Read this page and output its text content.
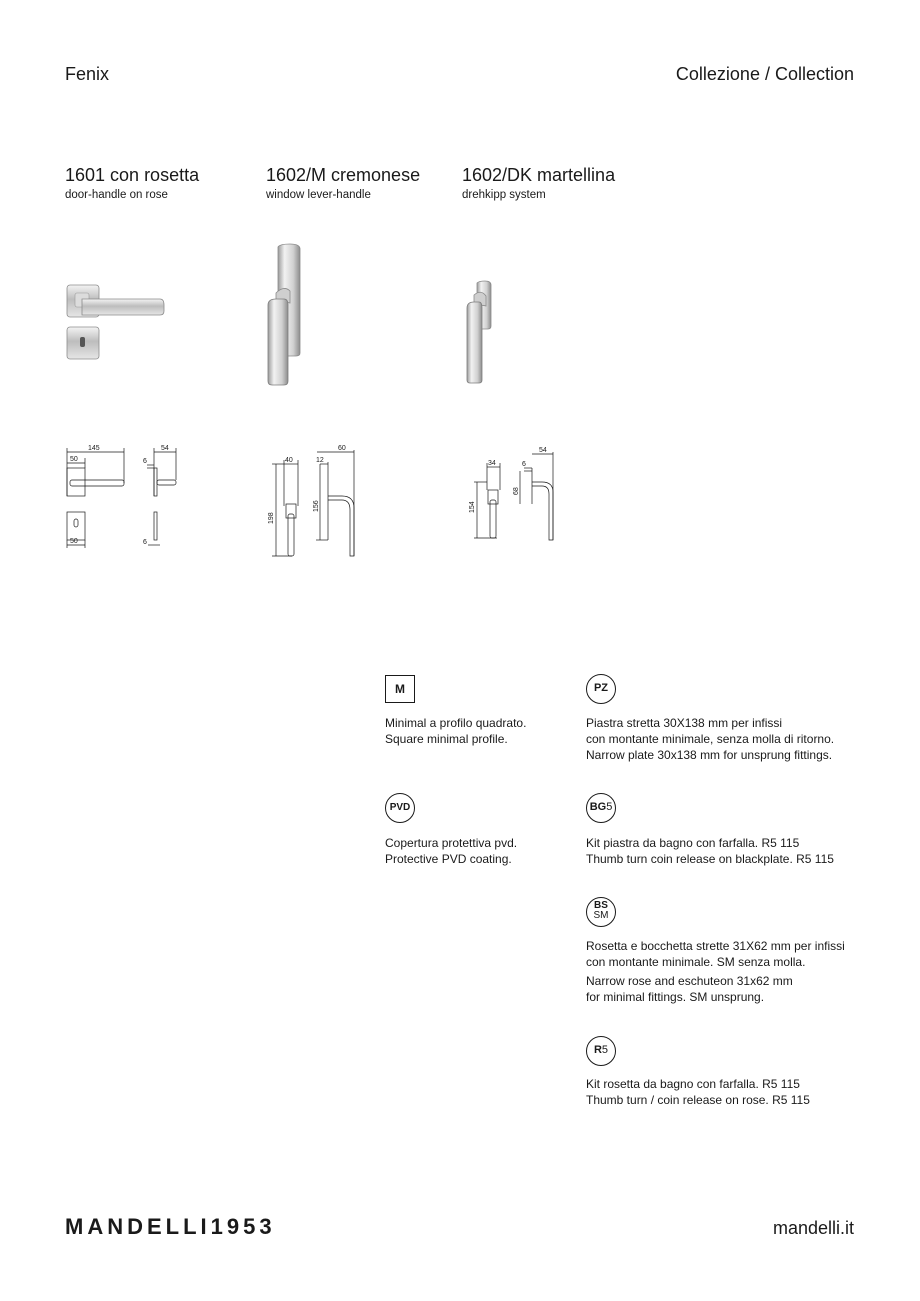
Fenix	Collezione / Collection
1601 con rosetta
door-handle on rose
1602/M cremonese
window lever-handle
1602/DK martellina
drehkipp system
145
50
54
6
50	6
40
198
156
12
60
34
154
6
54
68
M

Minimal a profilo quadrato.

Square minimal profile.

PZ

Piastra stretta 30X138 mm per infissi

con montante minimale, senza molla di ritorno.

Narrow plate 30x138 mm for unsprung fittings.

PVD

Copertura protettiva pvd.

Protective PVD coating.

BG5

Kit piastra da bagno con farfalla. R5 115

Thumb turn coin release on blackplate. R5 115

BS
SM

Rosetta e bocchetta strette 31X62 mm per infissi

con montante minimale. SM senza molla.

Narrow rose and eschuteon 31x62 mm

for minimal fittings. SM unsprung.

R5

Kit rosetta da bagno con farfalla. R5 115

Thumb turn / coin release on rose. R5 115

MANDELLI1953	mandelli.it
